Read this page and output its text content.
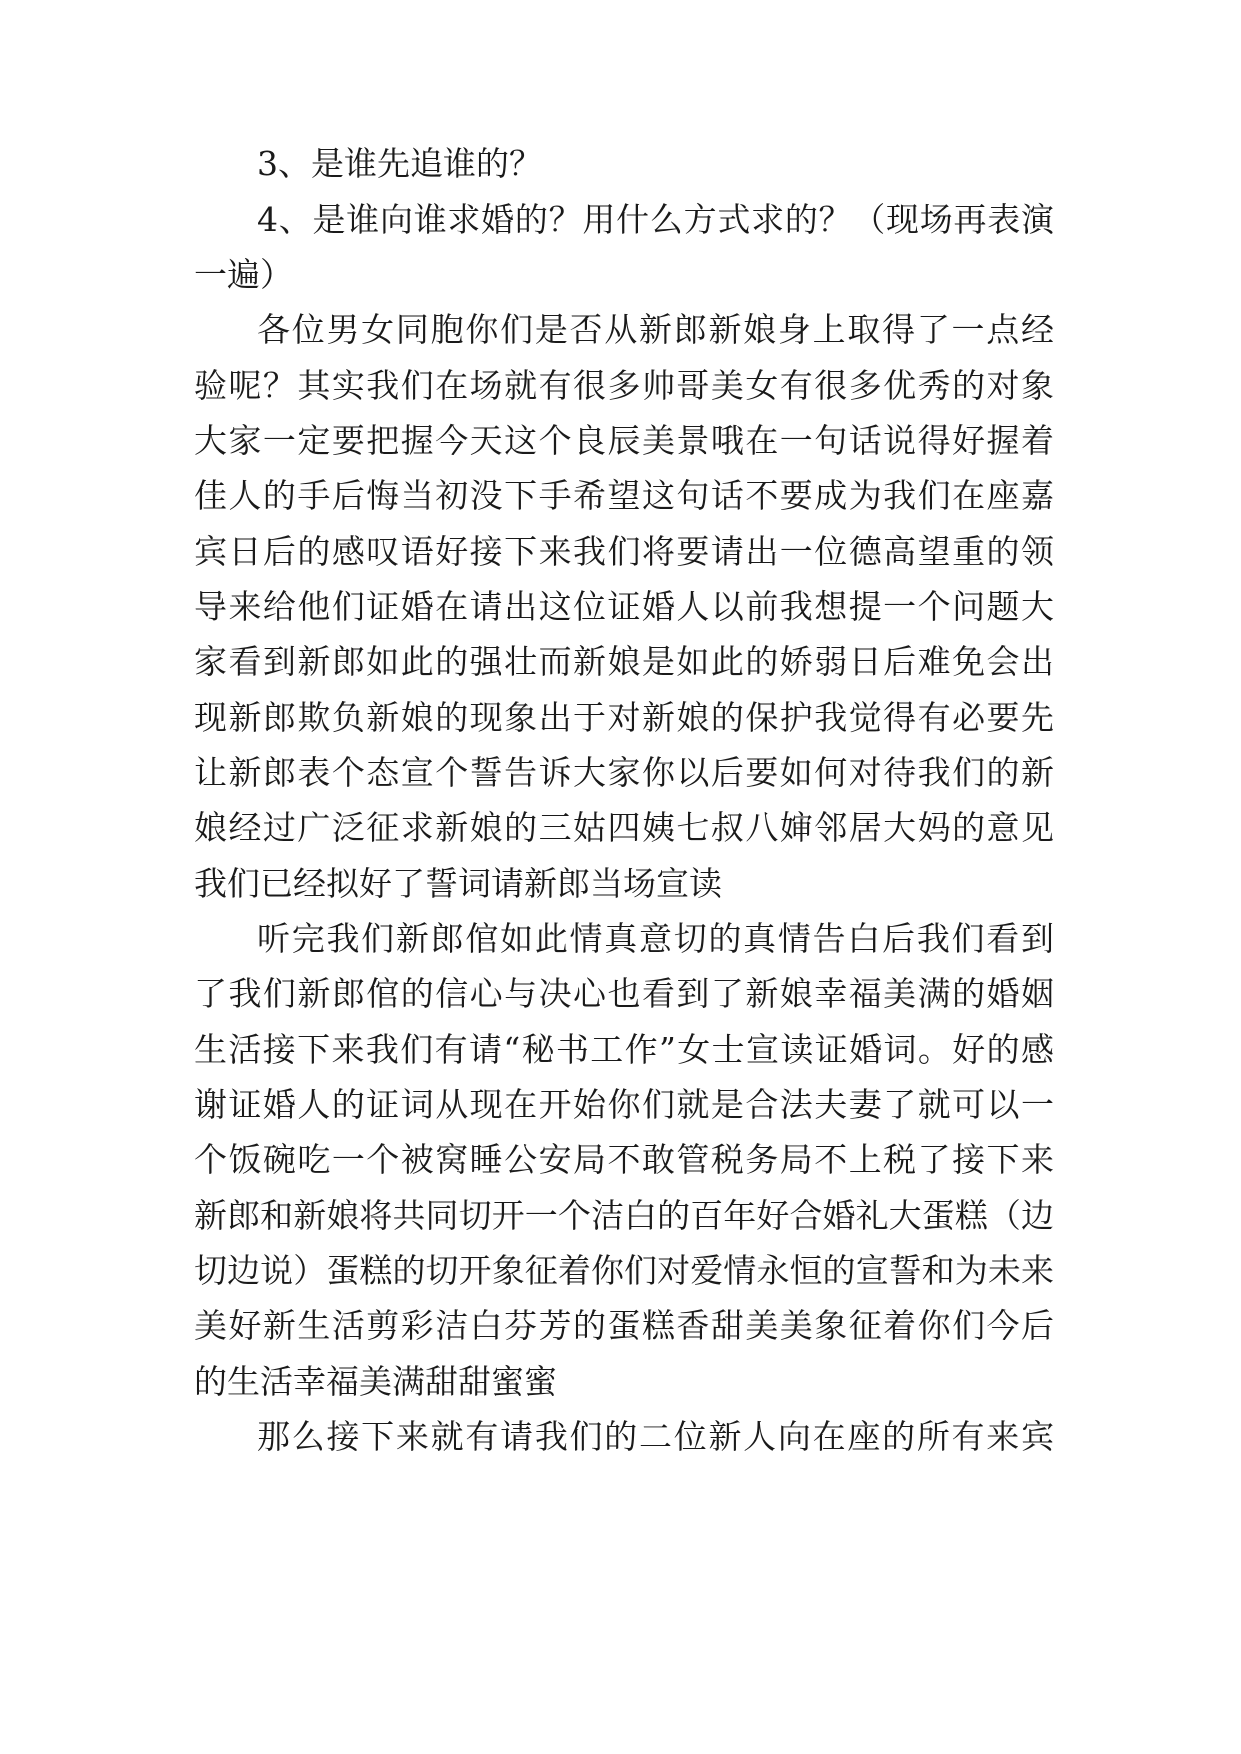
3、是谁先追谁的？
4、是谁向谁求婚的？用什么方式求的？（现场再表演
一遍）
各位男女同胞你们是否从新郎新娘身上取得了一点经
验呢？其实我们在场就有很多帅哥美女有很多优秀的对象
大家一定要把握今天这个良辰美景哦在一句话说得好握着
佳人的手后悔当初没下手希望这句话不要成为我们在座嘉
宾日后的感叹语好接下来我们将要请出一位德高望重的领
导来给他们证婚在请出这位证婚人以前我想提一个问题大
家看到新郎如此的强壮而新娘是如此的娇弱日后难免会出
现新郎欺负新娘的现象出于对新娘的保护我觉得有必要先
让新郎表个态宣个誓告诉大家你以后要如何对待我们的新
娘经过广泛征求新娘的三姑四姨七叔八婶邻居大妈的意见
我们已经拟好了誓词请新郎当场宣读
听完我们新郎倌如此情真意切的真情告白后我们看到
了我们新郎倌的信心与决心也看到了新娘幸福美满的婚姻
生活接下来我们有请“秘书工作”女士宣读证婚词。好的感
谢证婚人的证词从现在开始你们就是合法夫妻了就可以一
个饭碗吃一个被窝睡公安局不敢管税务局不上税了接下来
新郎和新娘将共同切开一个洁白的百年好合婚礼大蛋糕（边
切边说）蛋糕的切开象征着你们对爱情永恒的宣誓和为未来
美好新生活剪彩洁白芬芳的蛋糕香甜美美象征着你们今后
的生活幸福美满甜甜蜜蜜
那么接下来就有请我们的二位新人向在座的所有来宾
